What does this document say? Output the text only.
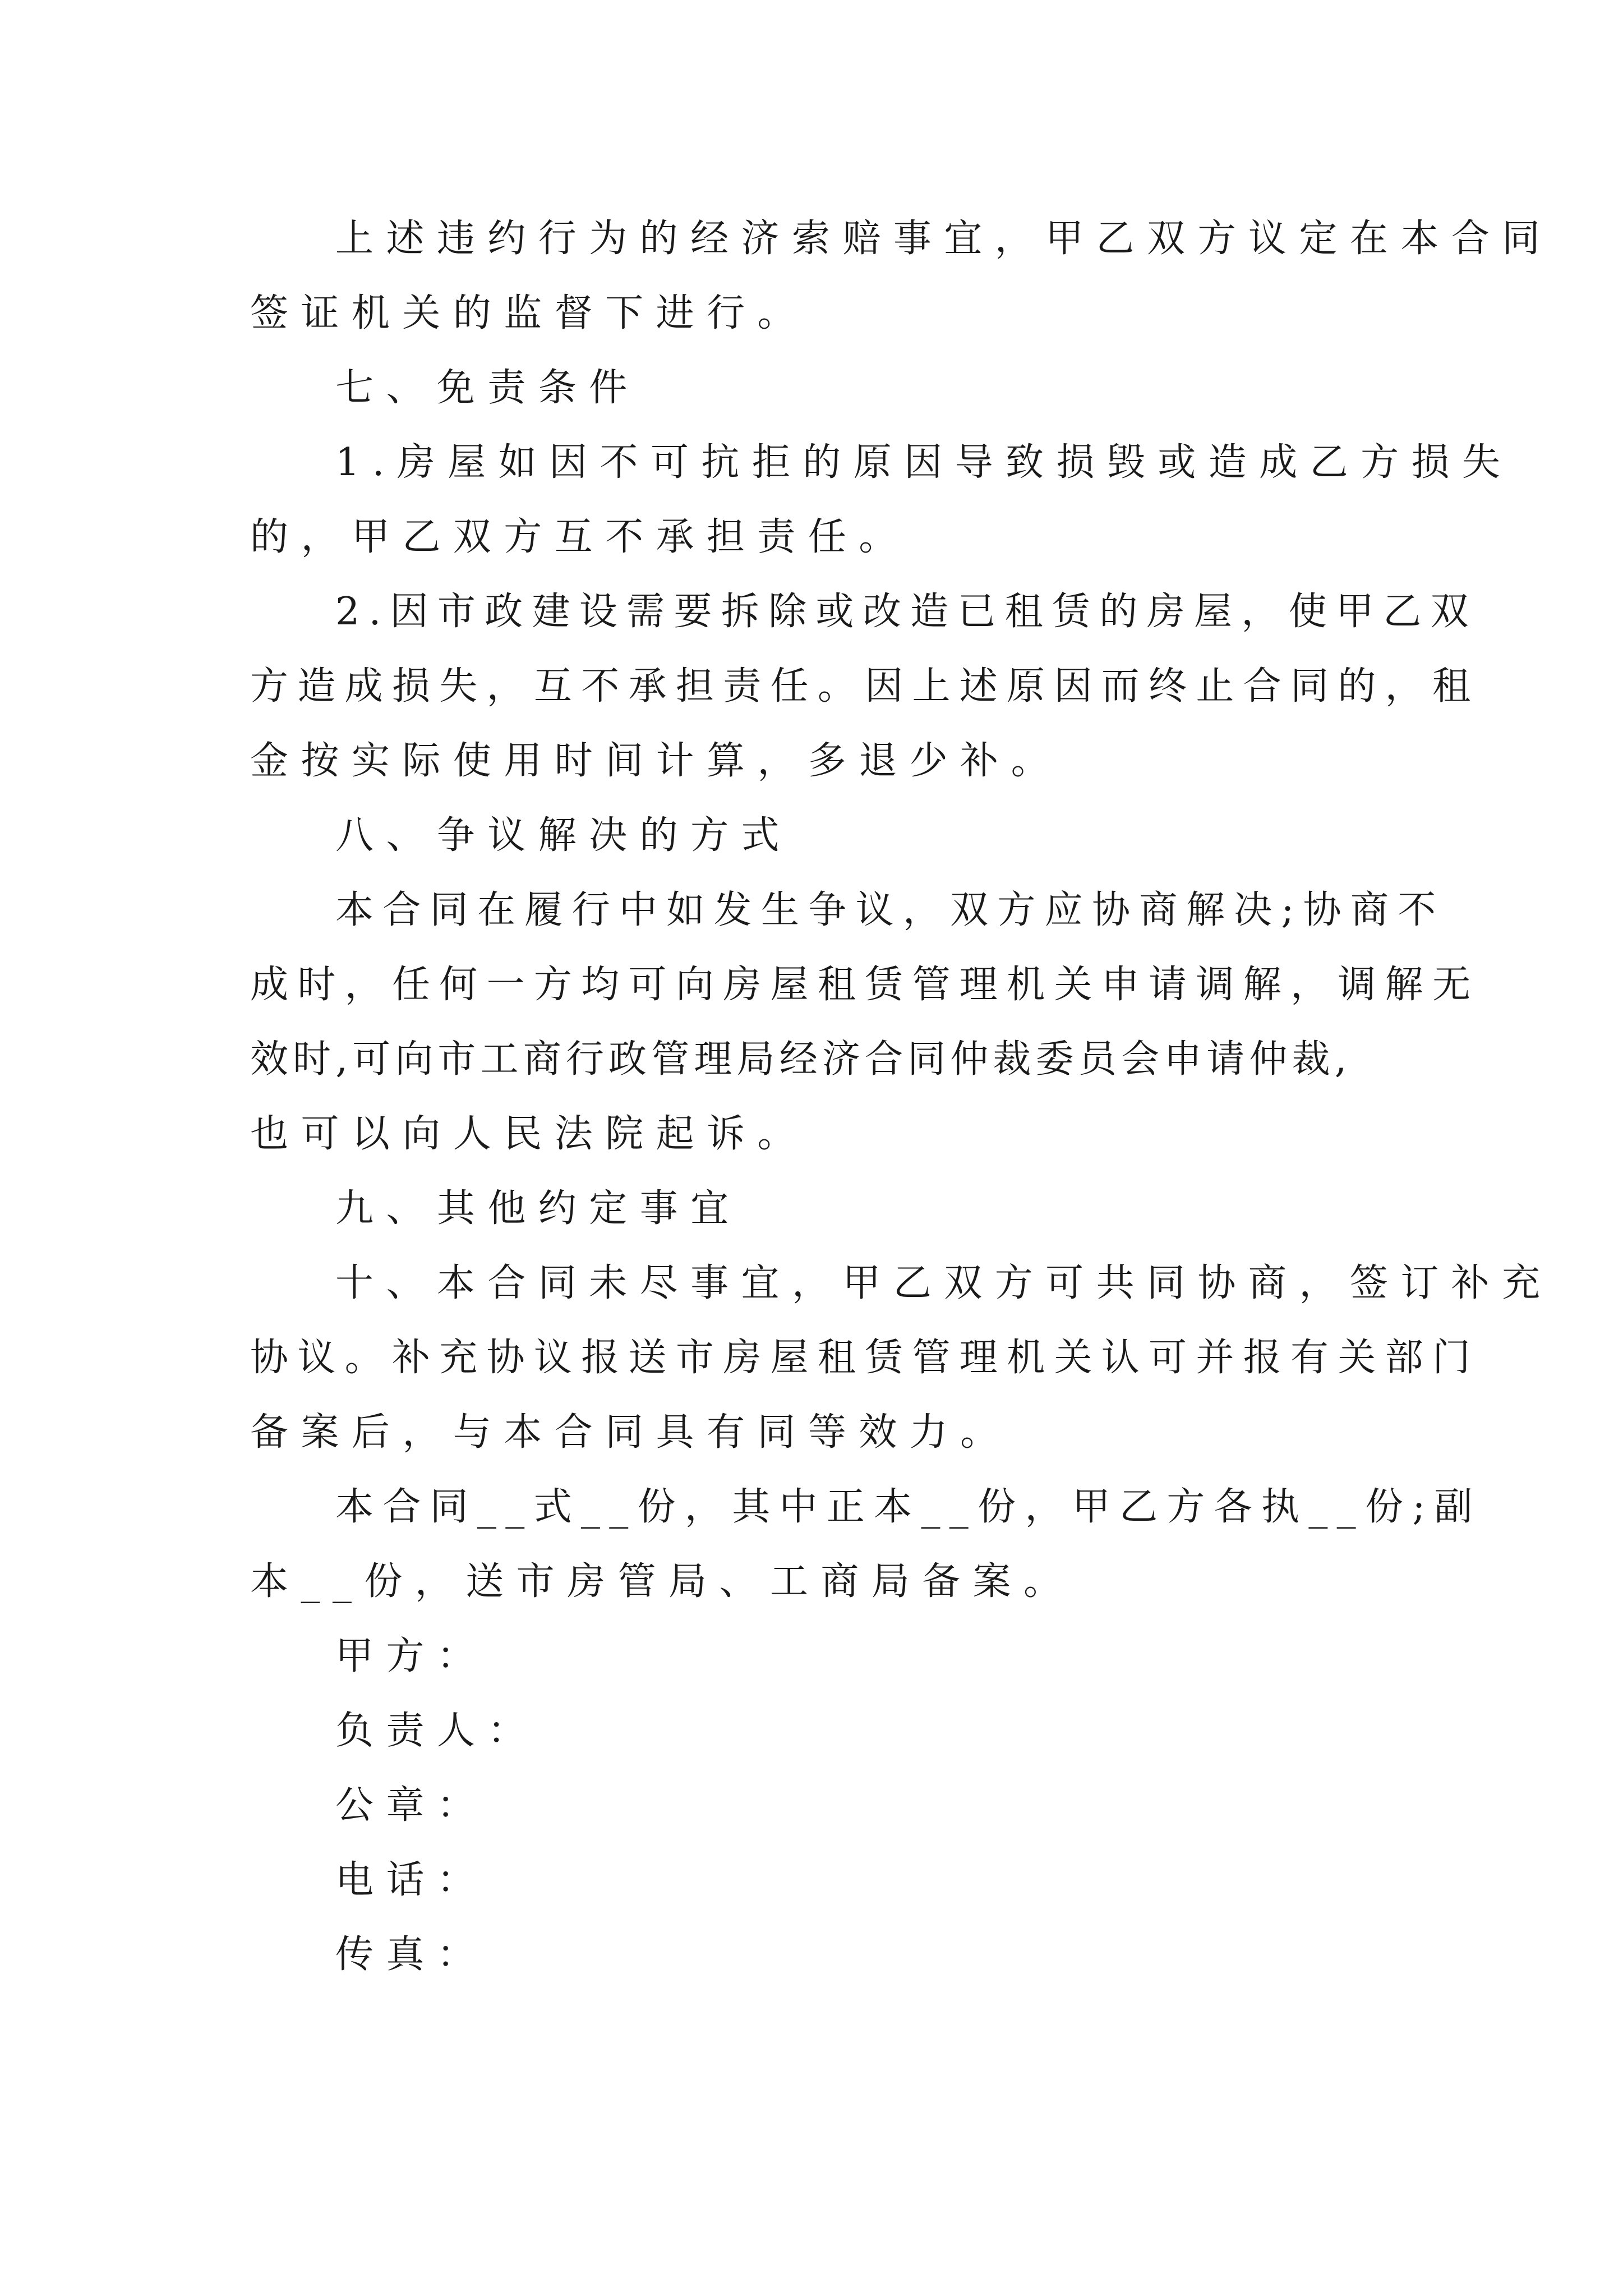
上述违约行为的经济索赔事宜，甲乙双方议定在本合同
签证机关的监督下进行。
七、免责条件
1.房屋如因不可抗拒的原因导致损毁或造成乙方损失
的，甲乙双方互不承担责任。
2.因市政建设需要拆除或改造已租赁的房屋，使甲乙双
方造成损失，互不承担责任。因上述原因而终止合同的，租
金按实际使用时间计算，多退少补。
八、争议解决的方式
本合同在履行中如发生争议，双方应协商解决;协商不
成时，任何一方均可向房屋租赁管理机关申请调解，调解无
效时,可向市工商行政管理局经济合同仲裁委员会申请仲裁,
也可以向人民法院起诉。
九、其他约定事宜
十、本合同未尽事宜，甲乙双方可共同协商，签订补充
协议。补充协议报送市房屋租赁管理机关认可并报有关部门
备案后，与本合同具有同等效力。
本合同__式__份，其中正本__份，甲乙方各执__份;副
本__份，送市房管局、工商局备案。
甲方：
负责人：
公章：
电话：
传真：
